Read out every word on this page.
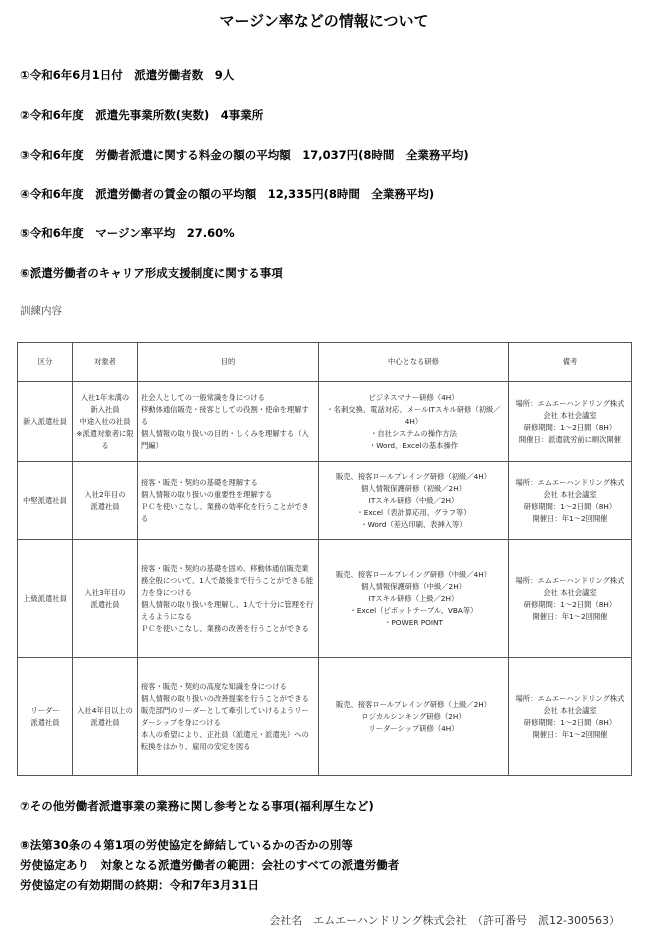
マージン率などの情報について
①令和6年6月1日付　派遣労働者数　9人
②令和6年度　派遣先事業所数(実数)　4事業所
③令和6年度　労働者派遣に関する料金の額の平均額　17,037円(8時間　全業務平均)
④令和6年度　派遣労働者の賃金の額の平均額　12,335円(8時間　全業務平均)
⑤令和6年度　マージン率平均　27.60%
⑥派遣労働者のキャリア形成支援制度に関する事項
訓練内容
区分	対象者	目的	中心となる研修	備考
新入派遣社員	入社1年未満の
新入社員
中途入社の社員
※派遣対象者に限る	社会人としての一般常識を身につける
移動体通信販売・接客としての役割・使命を理解する
個人情報の取り扱いの目的・しくみを理解する（入門編）	ビジネスマナー研修（4H）
・名刺交換、電話対応、メールITスキル研修（初級／4H）
・自社システムの操作方法
・Word、Excelの基本操作	場所：エムエーハンドリング株式会社 本社会議室
研修期間：1～2日間（8H）
開催日：派遣就労前に順次開催
中堅派遣社員	入社2年目の
派遣社員	接客・販売・契約の基礎を理解する
個人情報の取り扱いの重要性を理解する
ＰＣを使いこなし、業務の効率化を行うことができる	販売、接客ロールプレイング研修（初級／4H）
個人情報保護研修（初級／2H）
ITスキル研修（中級／2H）
・Excel（表計算応用、グラフ等）
・Word（差込印刷、表挿入等）	場所：エムエーハンドリング株式会社 本社会議室
研修期間：1～2日間（8H）
開催日：年1～2回開催
上級派遣社員	入社3年目の
派遣社員	接客・販売・契約の基礎を固め、移動体通信販売業務全般について、1人で最後まで行うことができる能力を身につける
個人情報の取り扱いを理解し、1人で十分に管理を行えるようになる
ＰＣを使いこなし、業務の改善を行うことができる	販売、接客ロールプレイング研修（中級／4H）
個人情報保護研修（中級／2H）
ITスキル研修（上級／2H）
・Excel（ピボットテーブル、VBA等）
・POWER POINT	場所：エムエーハンドリング株式会社 本社会議室
研修期間：1～2日間（8H）
開催日：年1～2回開催
リーダー
派遣社員	入社4年目以上の
派遣社員	接客・販売・契約の高度な知識を身につける
個人情報の取り扱いの改善提案を行うことができる
販売部門のリーダーとして牽引していけるようリーダーシップを身につける
本人の希望により、正社員（派遣元・派遣先）への転換をはかり、雇用の安定を図る	販売、接客ロールプレイング研修（上級／2H）
ロジカルシンキング研修（2H）
リーダーシップ研修（4H）	場所：エムエーハンドリング株式会社 本社会議室
研修期間：1～2日間（8H）
開催日：年1～2回開催
⑦その他労働者派遣事業の業務に関し参考となる事項(福利厚生など)
⑧法第30条の４第1項の労使協定を締結しているかの否かの別等
労使協定あり　対象となる派遣労働者の範囲：会社のすべての派遣労働者
労使協定の有効期間の終期：令和7年3月31日
会社名　エムエーハンドリング株式会社　（許可番号　派12-300563）
